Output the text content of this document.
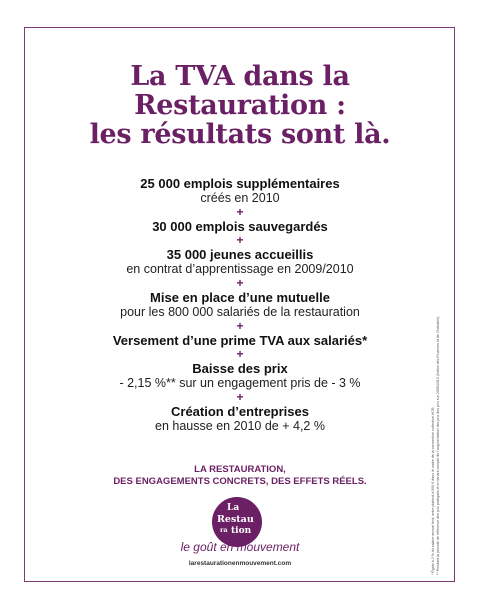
La TVA dans la
Restauration :
les résultats sont là.
25 000 emplois supplémentaires
créés en 2010
+
30 000 emplois sauvegardés
+
35 000 jeunes accueillis
en contrat d’apprentissage en 2009/2010
+
Mise en place d’une mutuelle
pour les 800 000 salariés de la restauration
+
Versement d’une prime TVA aux salariés*
+
Baisse des prix
- 2,15 %** sur un engagement pris de - 3 %
+
Création d’entreprises
en hausse en 2010 de + 4,2 %
LA RESTAURATION,
DES ENGAGEMENTS CONCRETS, DES EFFETS RÉELS.
La
Restau
ra tion
le goût en mouvement
larestaurationenmouvement.com	* Égale à 2 % du salaire annuel brut, entre plafond à 500 € dans le cadre de la convention collective HCR. ** Pendant la période de référence des prix pratiqués et en tenant compte de l’augmentation des prix des prix sur 2009/2010 (Indice des Finances et de l’Industrie).
